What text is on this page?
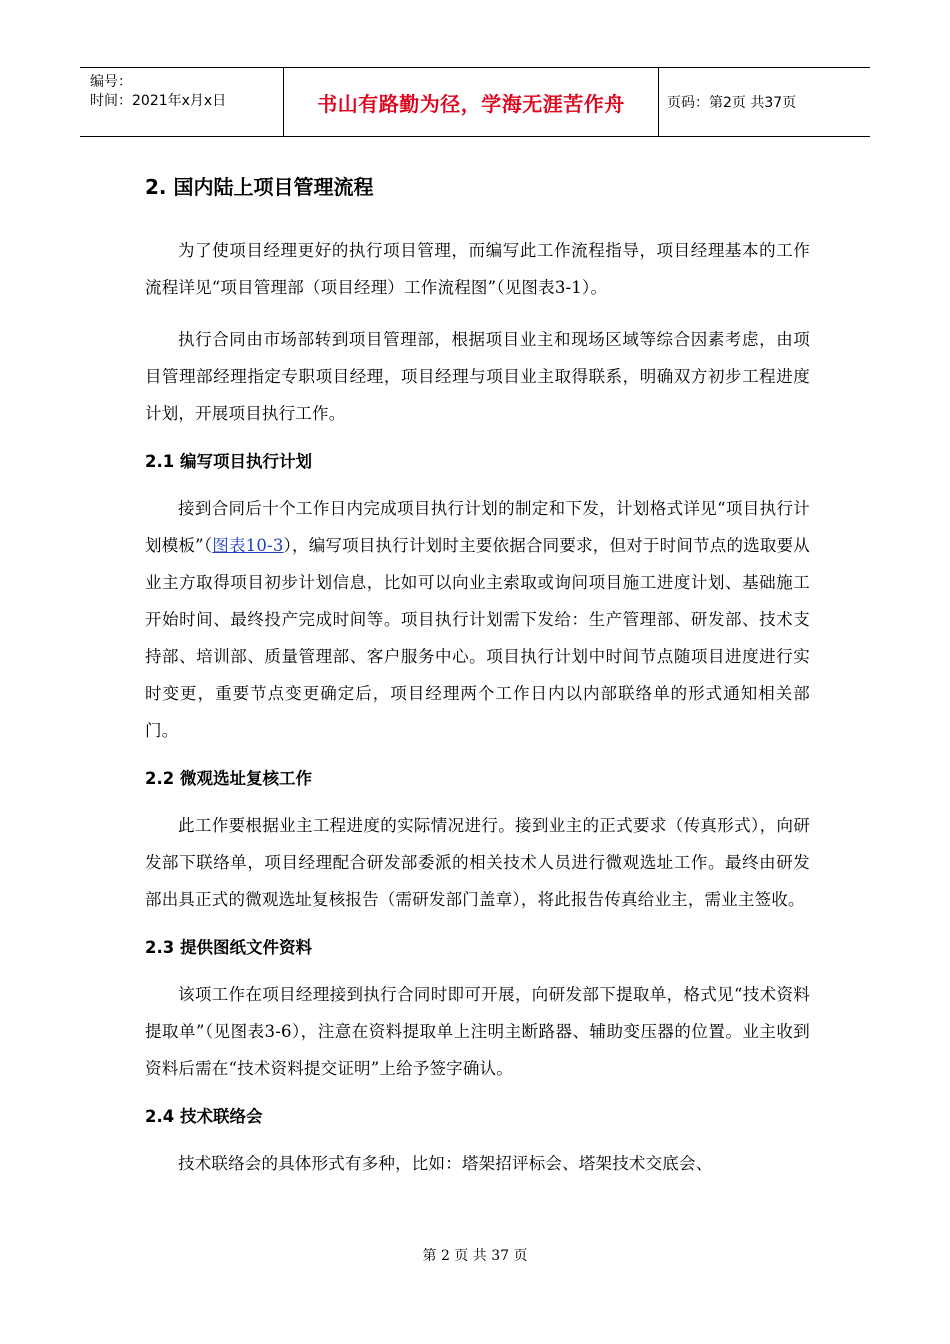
编号：
时间：2021年x月x日	书山有路勤为径，学海无涯苦作舟	页码：第2页 共37页
2. 国内陆上项目管理流程

为了使项目经理更好的执行项目管理，而编写此工作流程指导，项目经理基本的工作流程详见“项目管理部（项目经理）工作流程图”（见图表3-1）。

执行合同由市场部转到项目管理部，根据项目业主和现场区域等综合因素考虑，由项目管理部经理指定专职项目经理，项目经理与项目业主取得联系，明确双方初步工程进度计划，开展项目执行工作。

2.1 编写项目执行计划

接到合同后十个工作日内完成项目执行计划的制定和下发，计划格式详见“项目执行计划模板”（图表10-3），编写项目执行计划时主要依据合同要求，但对于时间节点的选取要从业主方取得项目初步计划信息，比如可以向业主索取或询问项目施工进度计划、基础施工开始时间、最终投产完成时间等。项目执行计划需下发给：生产管理部、研发部、技术支持部、培训部、质量管理部、客户服务中心。项目执行计划中时间节点随项目进度进行实时变更，重要节点变更确定后，项目经理两个工作日内以内部联络单的形式通知相关部门。

2.2 微观选址复核工作

此工作要根据业主工程进度的实际情况进行。接到业主的正式要求（传真形式），向研发部下联络单，项目经理配合研发部委派的相关技术人员进行微观选址工作。最终由研发部出具正式的微观选址复核报告（需研发部门盖章），将此报告传真给业主，需业主签收。

2.3 提供图纸文件资料

该项工作在项目经理接到执行合同时即可开展，向研发部下提取单，格式见“技术资料提取单”（见图表3-6），注意在资料提取单上注明主断路器、辅助变压器的位置。业主收到资料后需在“技术资料提交证明”上给予签字确认。

2.4 技术联络会

技术联络会的具体形式有多种，比如：塔架招评标会、塔架技术交底会、

第 2 页 共 37 页
